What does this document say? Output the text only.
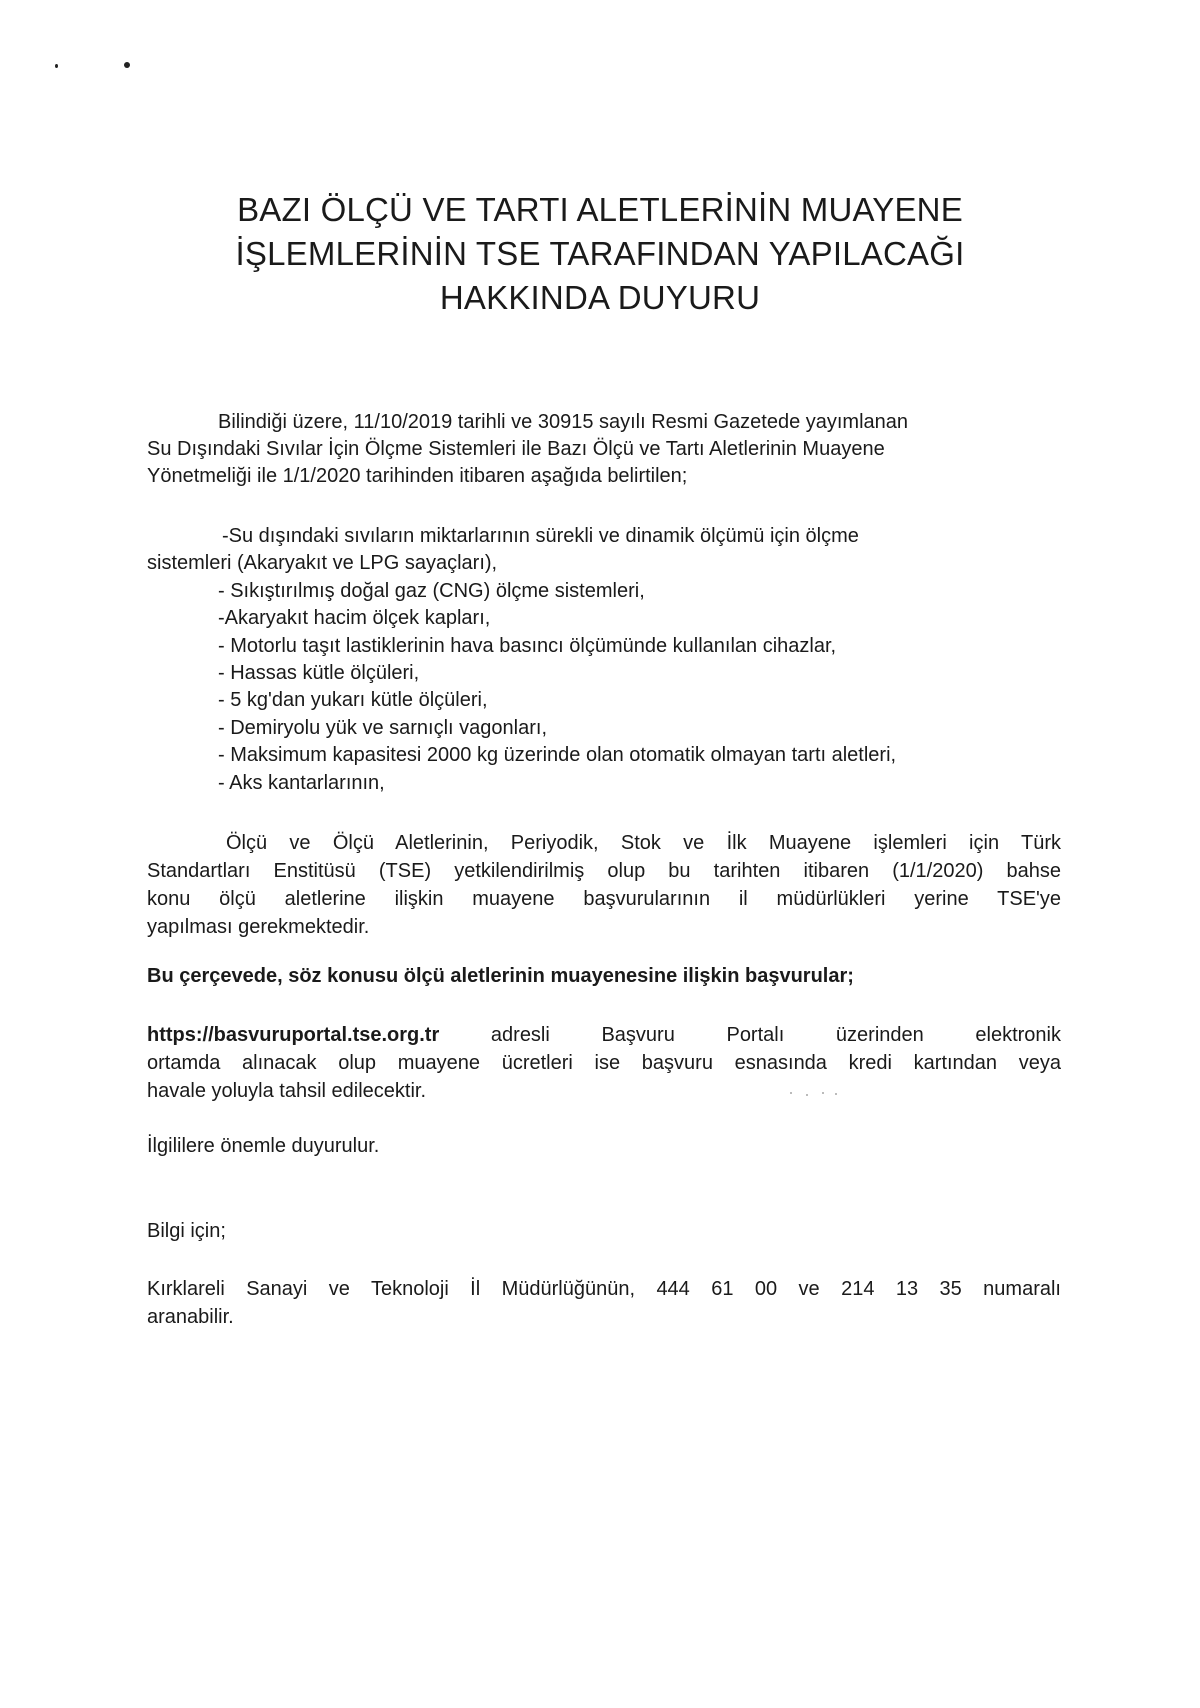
BAZI ÖLÇÜ VE TARTI ALETLERİNİN MUAYENE
İŞLEMLERİNİN TSE TARAFINDAN YAPILACAĞI
HAKKINDA DUYURU
Bilindiği üzere, 11/10/2019 tarihli ve 30915 sayılı Resmi Gazetede yayımlanan
Su Dışındaki Sıvılar İçin Ölçme Sistemleri ile Bazı Ölçü ve Tartı Aletlerinin Muayene
Yönetmeliği ile 1/1/2020 tarihinden itibaren aşağıda belirtilen;
-Su dışındaki sıvıların miktarlarının sürekli ve dinamik ölçümü için ölçme
sistemleri (Akaryakıt ve LPG sayaçları),
- Sıkıştırılmış doğal gaz (CNG) ölçme sistemleri,
-Akaryakıt hacim ölçek kapları,
- Motorlu taşıt lastiklerinin hava basıncı ölçümünde kullanılan cihazlar,
- Hassas kütle ölçüleri,
- 5 kg'dan yukarı kütle ölçüleri,
- Demiryolu yük ve sarnıçlı vagonları,
- Maksimum kapasitesi 2000 kg üzerinde olan otomatik olmayan tartı aletleri,
- Aks kantarlarının,
Ölçü ve Ölçü Aletlerinin, Periyodik, Stok ve İlk Muayene işlemleri için Türk
Standartları Enstitüsü (TSE) yetkilendirilmiş olup bu tarihten itibaren (1/1/2020) bahse
konu ölçü aletlerine ilişkin muayene başvurularının il müdürlükleri yerine TSE'ye
yapılması gerekmektedir.
Bu çerçevede, söz konusu ölçü aletlerinin muayenesine ilişkin başvurular;
https://basvuruportal.tse.org.tr	adresli Başvuru Portalı üzerinden elektronik
ortamda alınacak olup muayene ücretleri ise başvuru esnasında kredi kartından veya
havale yoluyla tahsil edilecektir.
İlgililere önemle duyurulur.
Bilgi için;
Kırklareli Sanayi ve Teknoloji İl Müdürlüğünün, 444 61 00 ve 214 13 35 numaralı
aranabilir.
